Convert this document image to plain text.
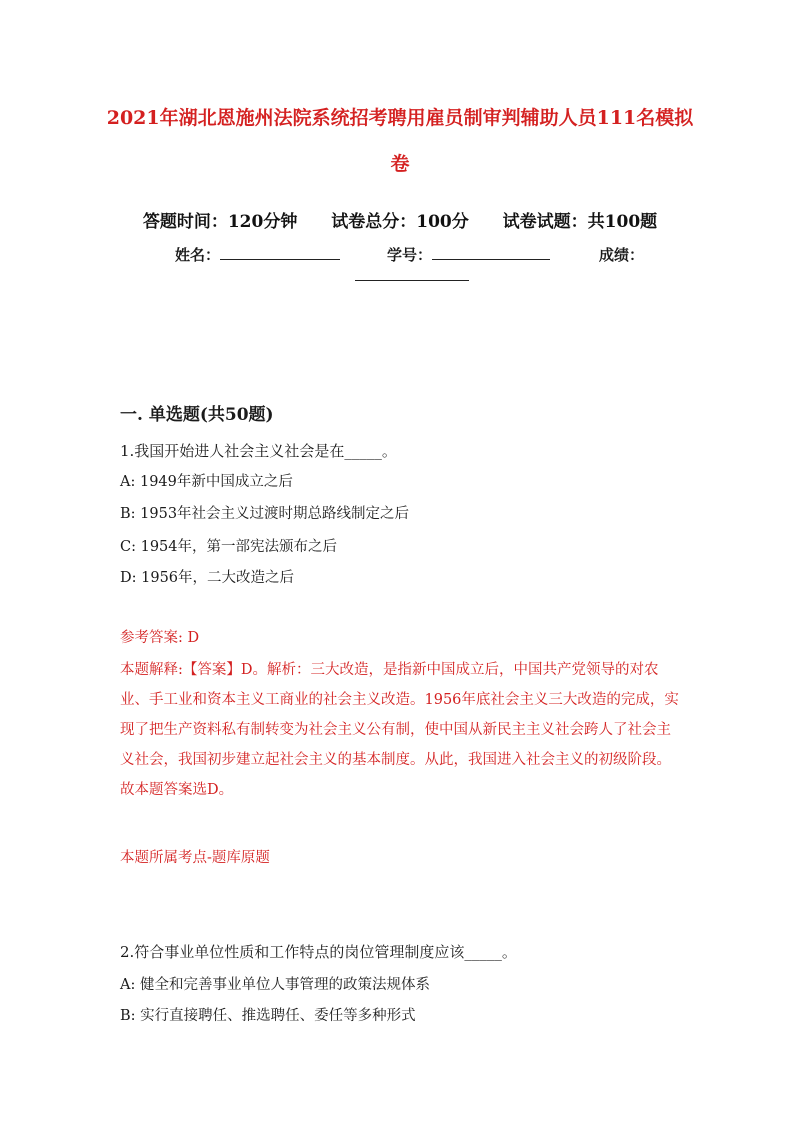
2021年湖北恩施州法院系统招考聘用雇员制审判辅助人员111名模拟卷
答题时间：120分钟 试卷总分：100分 试卷试题：共100题
姓名：	学号：	成绩：
一. 单选题(共50题)
1.我国开始进人社会主义社会是在_____。
A: 1949年新中国成立之后
B: 1953年社会主义过渡时期总路线制定之后
C: 1954年，第一部宪法颁布之后
D: 1956年，二大改造之后
参考答案: D
本题解释:【答案】D。解析：三大改造，是指新中国成立后，中国共产党领导的对农业、手工业和资本主义工商业的社会主义改造。1956年底社会主义三大改造的完成，实现了把生产资料私有制转变为社会主义公有制，使中国从新民主主义社会跨人了社会主义社会，我国初步建立起社会主义的基本制度。从此，我国进入社会主义的初级阶段。故本题答案选D。
本题所属考点-题库原题
2.符合事业单位性质和工作特点的岗位管理制度应该_____。
A: 健全和完善事业单位人事管理的政策法规体系
B: 实行直接聘任、推选聘任、委任等多种形式
